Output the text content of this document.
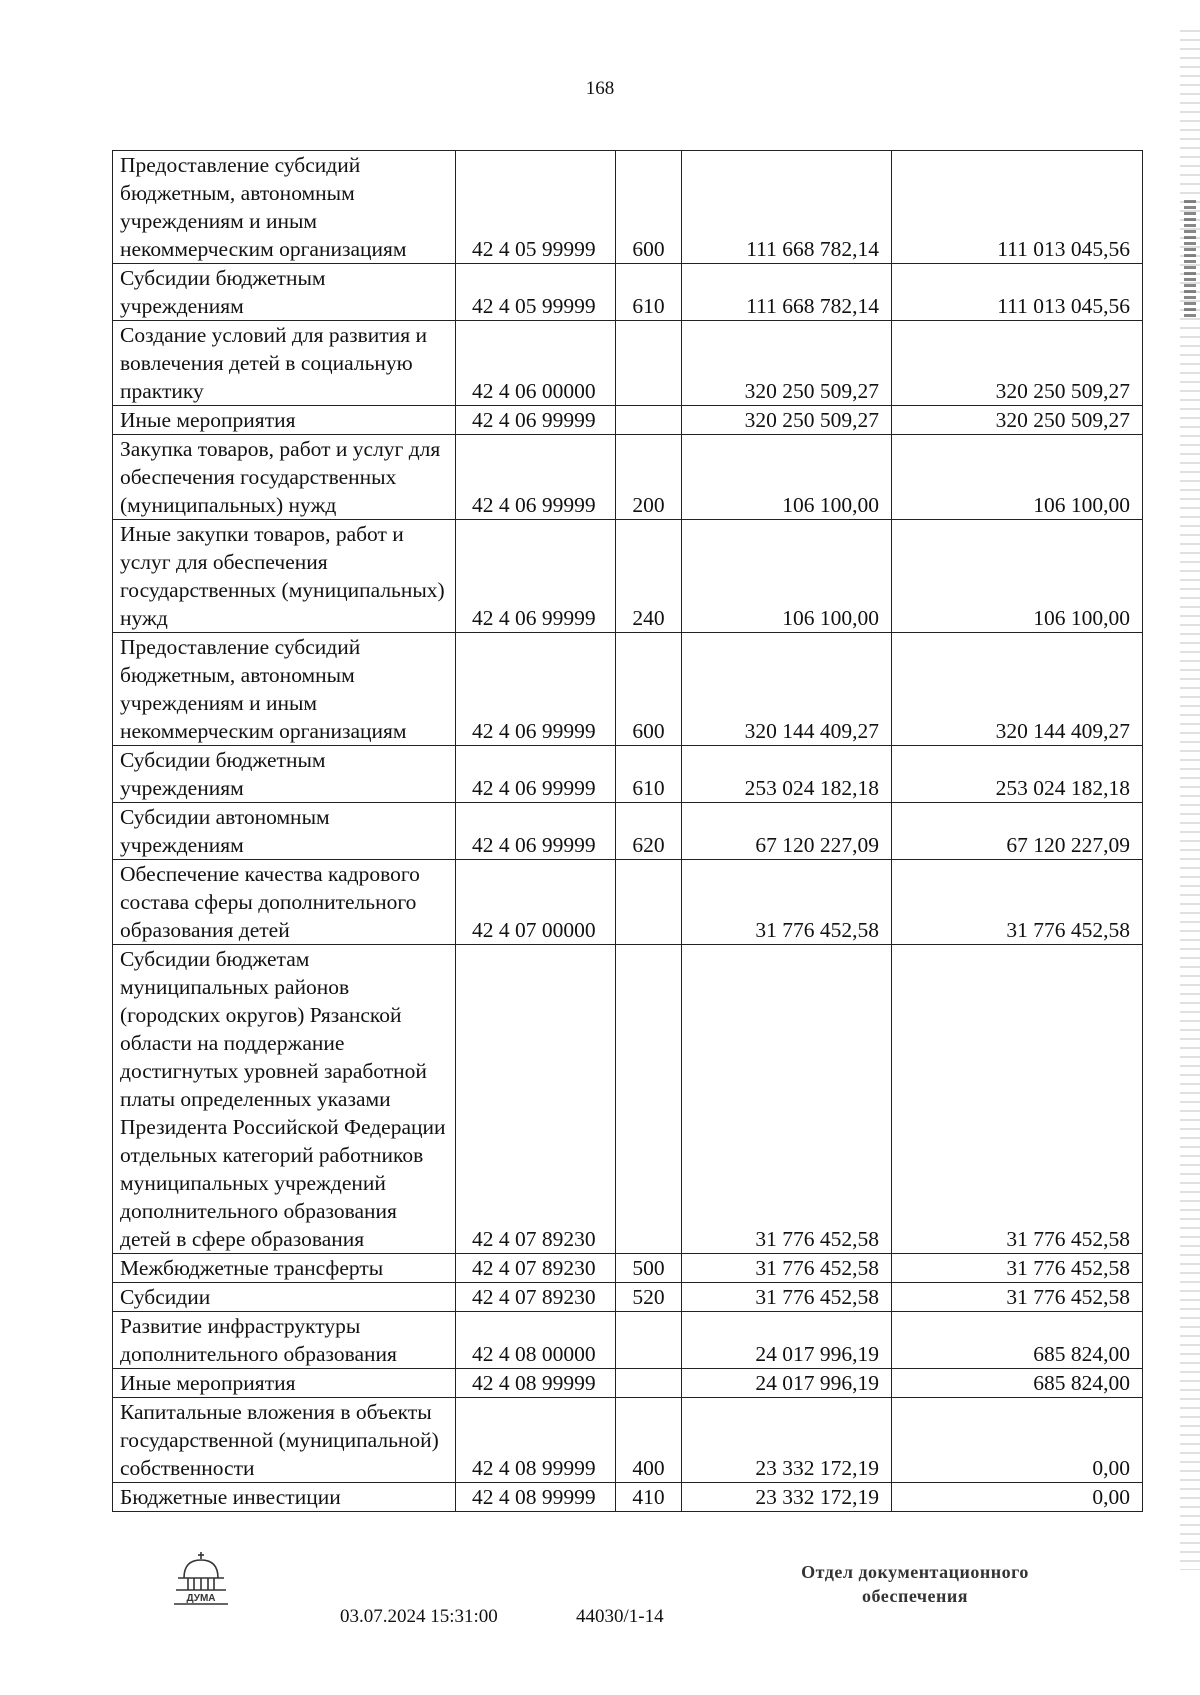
168
Предоставление субсидий бюджетным, автономным учреждениям и иным некоммерческим организациям	42 4 05 99999	600	111 668 782,14	111 013 045,56
Субсидии бюджетным учреждениям	42 4 05 99999	610	111 668 782,14	111 013 045,56
Создание условий для развития и вовлечения детей в социальную практику	42 4 06 00000		320 250 509,27	320 250 509,27
Иные мероприятия	42 4 06 99999		320 250 509,27	320 250 509,27
Закупка товаров, работ и услуг для обеспечения государственных (муниципальных) нужд	42 4 06 99999	200	106 100,00	106 100,00
Иные закупки товаров, работ и услуг для обеспечения государственных (муниципальных) нужд	42 4 06 99999	240	106 100,00	106 100,00
Предоставление субсидий бюджетным, автономным учреждениям и иным некоммерческим организациям	42 4 06 99999	600	320 144 409,27	320 144 409,27
Субсидии бюджетным учреждениям	42 4 06 99999	610	253 024 182,18	253 024 182,18
Субсидии автономным учреждениям	42 4 06 99999	620	67 120 227,09	67 120 227,09
Обеспечение качества кадрового состава сферы дополнительного образования детей	42 4 07 00000		31 776 452,58	31 776 452,58
Субсидии бюджетам муниципальных районов (городских округов) Рязанской области на поддержание достигнутых уровней заработной платы определенных указами Президента Российской Федерации отдельных категорий работников муниципальных учреждений дополнительного образования детей в сфере образования	42 4 07 89230		31 776 452,58	31 776 452,58
Межбюджетные трансферты	42 4 07 89230	500	31 776 452,58	31 776 452,58
Субсидии	42 4 07 89230	520	31 776 452,58	31 776 452,58
Развитие инфраструктуры дополнительного образования	42 4 08 00000		24 017 996,19	685 824,00
Иные мероприятия	42 4 08 99999		24 017 996,19	685 824,00
Капитальные вложения в объекты государственной (муниципальной) собственности	42 4 08 99999	400	23 332 172,19	0,00
Бюджетные инвестиции	42 4 08 99999	410	23 332 172,19	0,00
ДУМА
03.07.2024 15:31:00	44030/1-14
Отдел документационного
обеспечения
